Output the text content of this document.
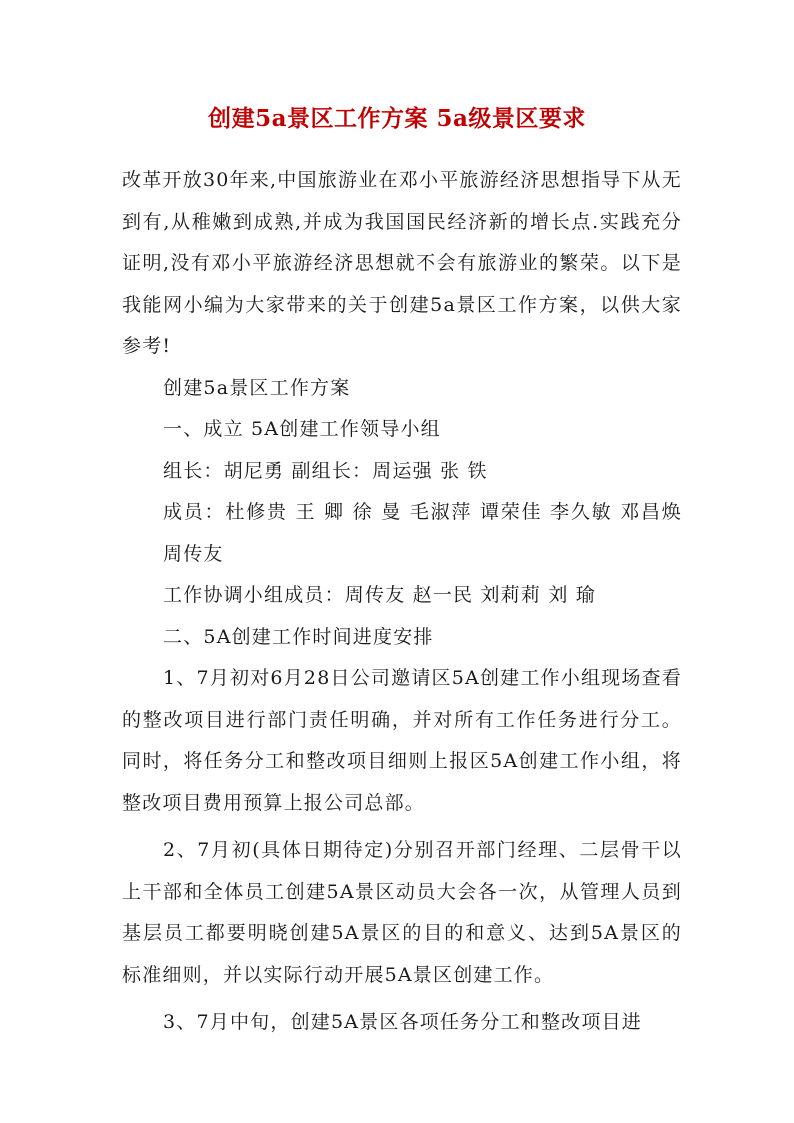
创建5a景区工作方案 5a级景区要求

改革开放30年来,中国旅游业在邓小平旅游经济思想指导下从无到有,从稚嫩到成熟,并成为我国国民经济新的增长点.实践充分证明,没有邓小平旅游经济思想就不会有旅游业的繁荣。以下是我能网小编为大家带来的关于创建5a景区工作方案，以供大家参考!

创建5a景区工作方案

一、成立 5A创建工作领导小组

组长：胡尼勇 副组长：周运强 张 铁

成员：杜修贵 王 卿 徐 曼 毛淑萍 谭荣佳 李久敏 邓昌焕 周传友

工作协调小组成员：周传友 赵一民 刘莉莉 刘 瑜

二、5A创建工作时间进度安排

1、7月初对6月28日公司邀请区5A创建工作小组现场查看的整改项目进行部门责任明确，并对所有工作任务进行分工。同时，将任务分工和整改项目细则上报区5A创建工作小组，将整改项目费用预算上报公司总部。

2、7月初(具体日期待定)分别召开部门经理、二层骨干以上干部和全体员工创建5A景区动员大会各一次，从管理人员到基层员工都要明晓创建5A景区的目的和意义、达到5A景区的标准细则，并以实际行动开展5A景区创建工作。

3、7月中旬，创建5A景区各项任务分工和整改项目进
